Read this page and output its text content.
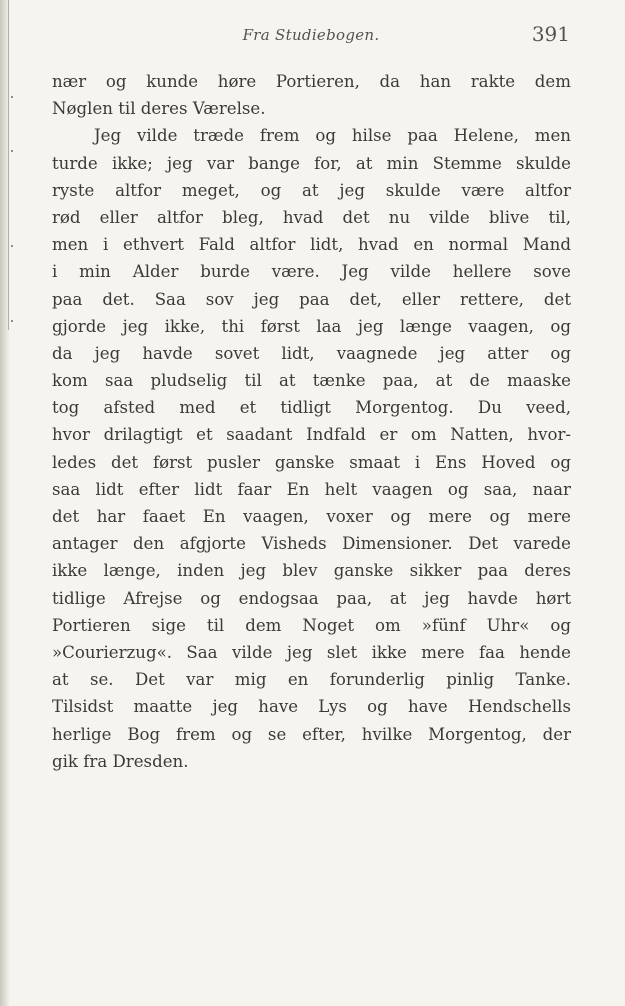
Fra Studiebogen.	391
nær og kunde høre Portieren, da han rakte dem
Nøglen til deres Værelse.
Jeg vilde træde frem og hilse paa Helene, men
turde ikke; jeg var bange for, at min Stemme skulde
ryste altfor meget, og at jeg skulde være altfor
rød eller altfor bleg, hvad det nu vilde blive til,
men i ethvert Fald altfor lidt, hvad en normal Mand
i min Alder burde være. Jeg vilde hellere sove
paa det. Saa sov jeg paa det, eller rettere, det
gjorde jeg ikke, thi først laa jeg længe vaagen, og
da jeg havde sovet lidt, vaagnede jeg atter og
kom saa pludselig til at tænke paa, at de maaske
tog afsted med et tidligt Morgentog. Du veed,
hvor drilagtigt et saadant Indfald er om Natten, hvor-
ledes det først pusler ganske smaat i Ens Hoved og
saa lidt efter lidt faar En helt vaagen og saa, naar
det har faaet En vaagen, voxer og mere og mere
antager den afgjorte Visheds Dimensioner. Det varede
ikke længe, inden jeg blev ganske sikker paa deres
tidlige Afrejse og endogsaa paa, at jeg havde hørt
Portieren sige til dem Noget om »fünf Uhr« og
»Courierzug«. Saa vilde jeg slet ikke mere faa hende
at se. Det var mig en forunderlig pinlig Tanke.
Tilsidst maatte jeg have Lys og have Hendschells
herlige Bog frem og se efter, hvilke Morgentog, der
gik fra Dresden.
